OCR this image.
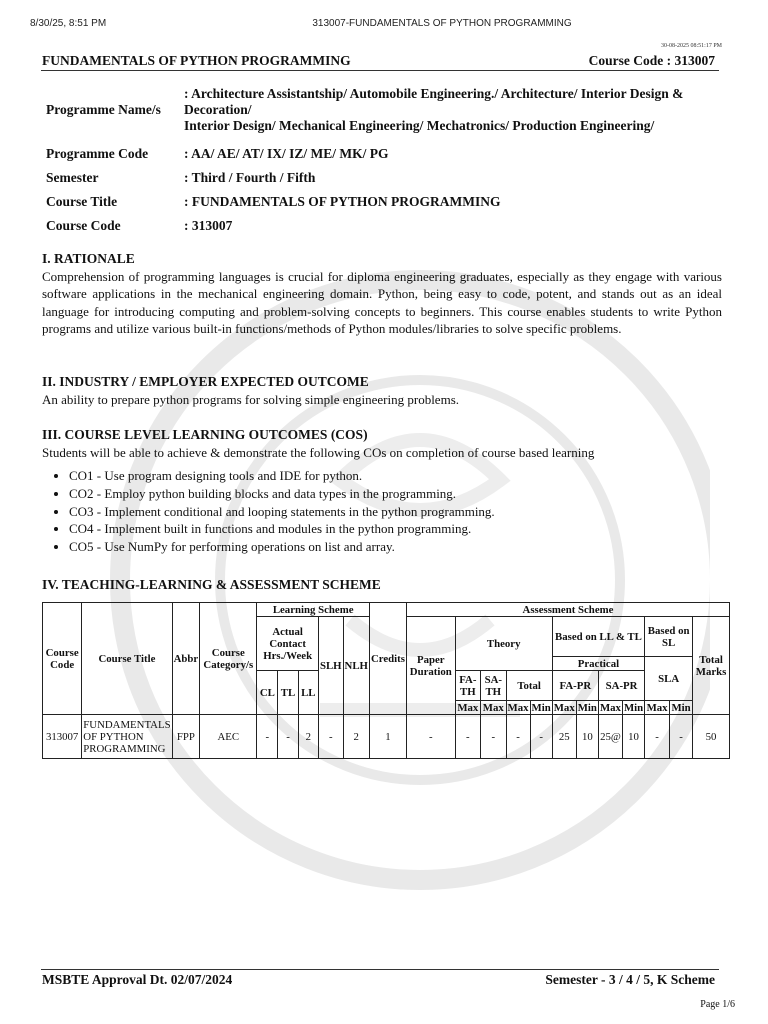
8/30/25, 8:51 PM	313007-FUNDAMENTALS OF PYTHON PROGRAMMING
30-08-2025 08:51:17 PM
FUNDAMENTALS OF PYTHON PROGRAMMING	Course Code : 313007
Programme Name/s	: Architecture Assistantship/ Automobile Engineering./ Architecture/ Interior Design & Decoration/
Interior Design/ Mechanical Engineering/ Mechatronics/ Production Engineering/

Programme Code	: AA/ AE/ AT/ IX/ IZ/ ME/ MK/ PG
Semester	: Third / Fourth / Fifth
Course Title	: FUNDAMENTALS OF PYTHON PROGRAMMING
Course Code	: 313007
I. RATIONALE

Comprehension of programming languages is crucial for diploma engineering graduates, especially as they engage with various software applications in the mechanical engineering domain. Python, being easy to code, potent, and stands out as an ideal language for introducing computing and problem-solving concepts to beginners. This course enables students to write Python programs and utilize various built-in functions/methods of Python modules/libraries to solve specific problems.

II. INDUSTRY / EMPLOYER EXPECTED OUTCOME

An ability to prepare python programs for solving simple engineering problems.

III. COURSE LEVEL LEARNING OUTCOMES (COS)

Students will be able to achieve & demonstrate the following COs on completion of course based learning

• CO1 - Use program designing tools and IDE for python.
• CO2 - Employ python building blocks and data types in the programming.
• CO3 - Implement conditional and looping statements in the python programming.
• CO4 - Implement built in functions and modules in the python programming.
• CO5 - Use NumPy for performing operations on list and array.
IV. TEACHING-LEARNING & ASSESSMENT SCHEME
Course Code	Course Title	Abbr	Course Category/s	Learning Scheme					Credits	Assessment Scheme											
				Actual Contact Hrs./Week			SLH	NLH		Paper Duration	Theory				Based on LL & TL				Based on SL		Total Marks
															Practical				SLA		
				CL	TL	LL					FA-TH	SA-TH	Total		FA-PR		SA-PR				
											Max	Max	Max	Min	Max	Min	Max	Min	Max	Min	
313007	FUNDAMENTALS OF PYTHON PROGRAMMING	FPP	AEC	-	-	2	-	2	1	-	-	-	-	-	25	10	25@	10	-	-	50
MSBTE Approval Dt. 02/07/2024	Semester - 3 / 4 / 5, K Scheme
Page 1/6
